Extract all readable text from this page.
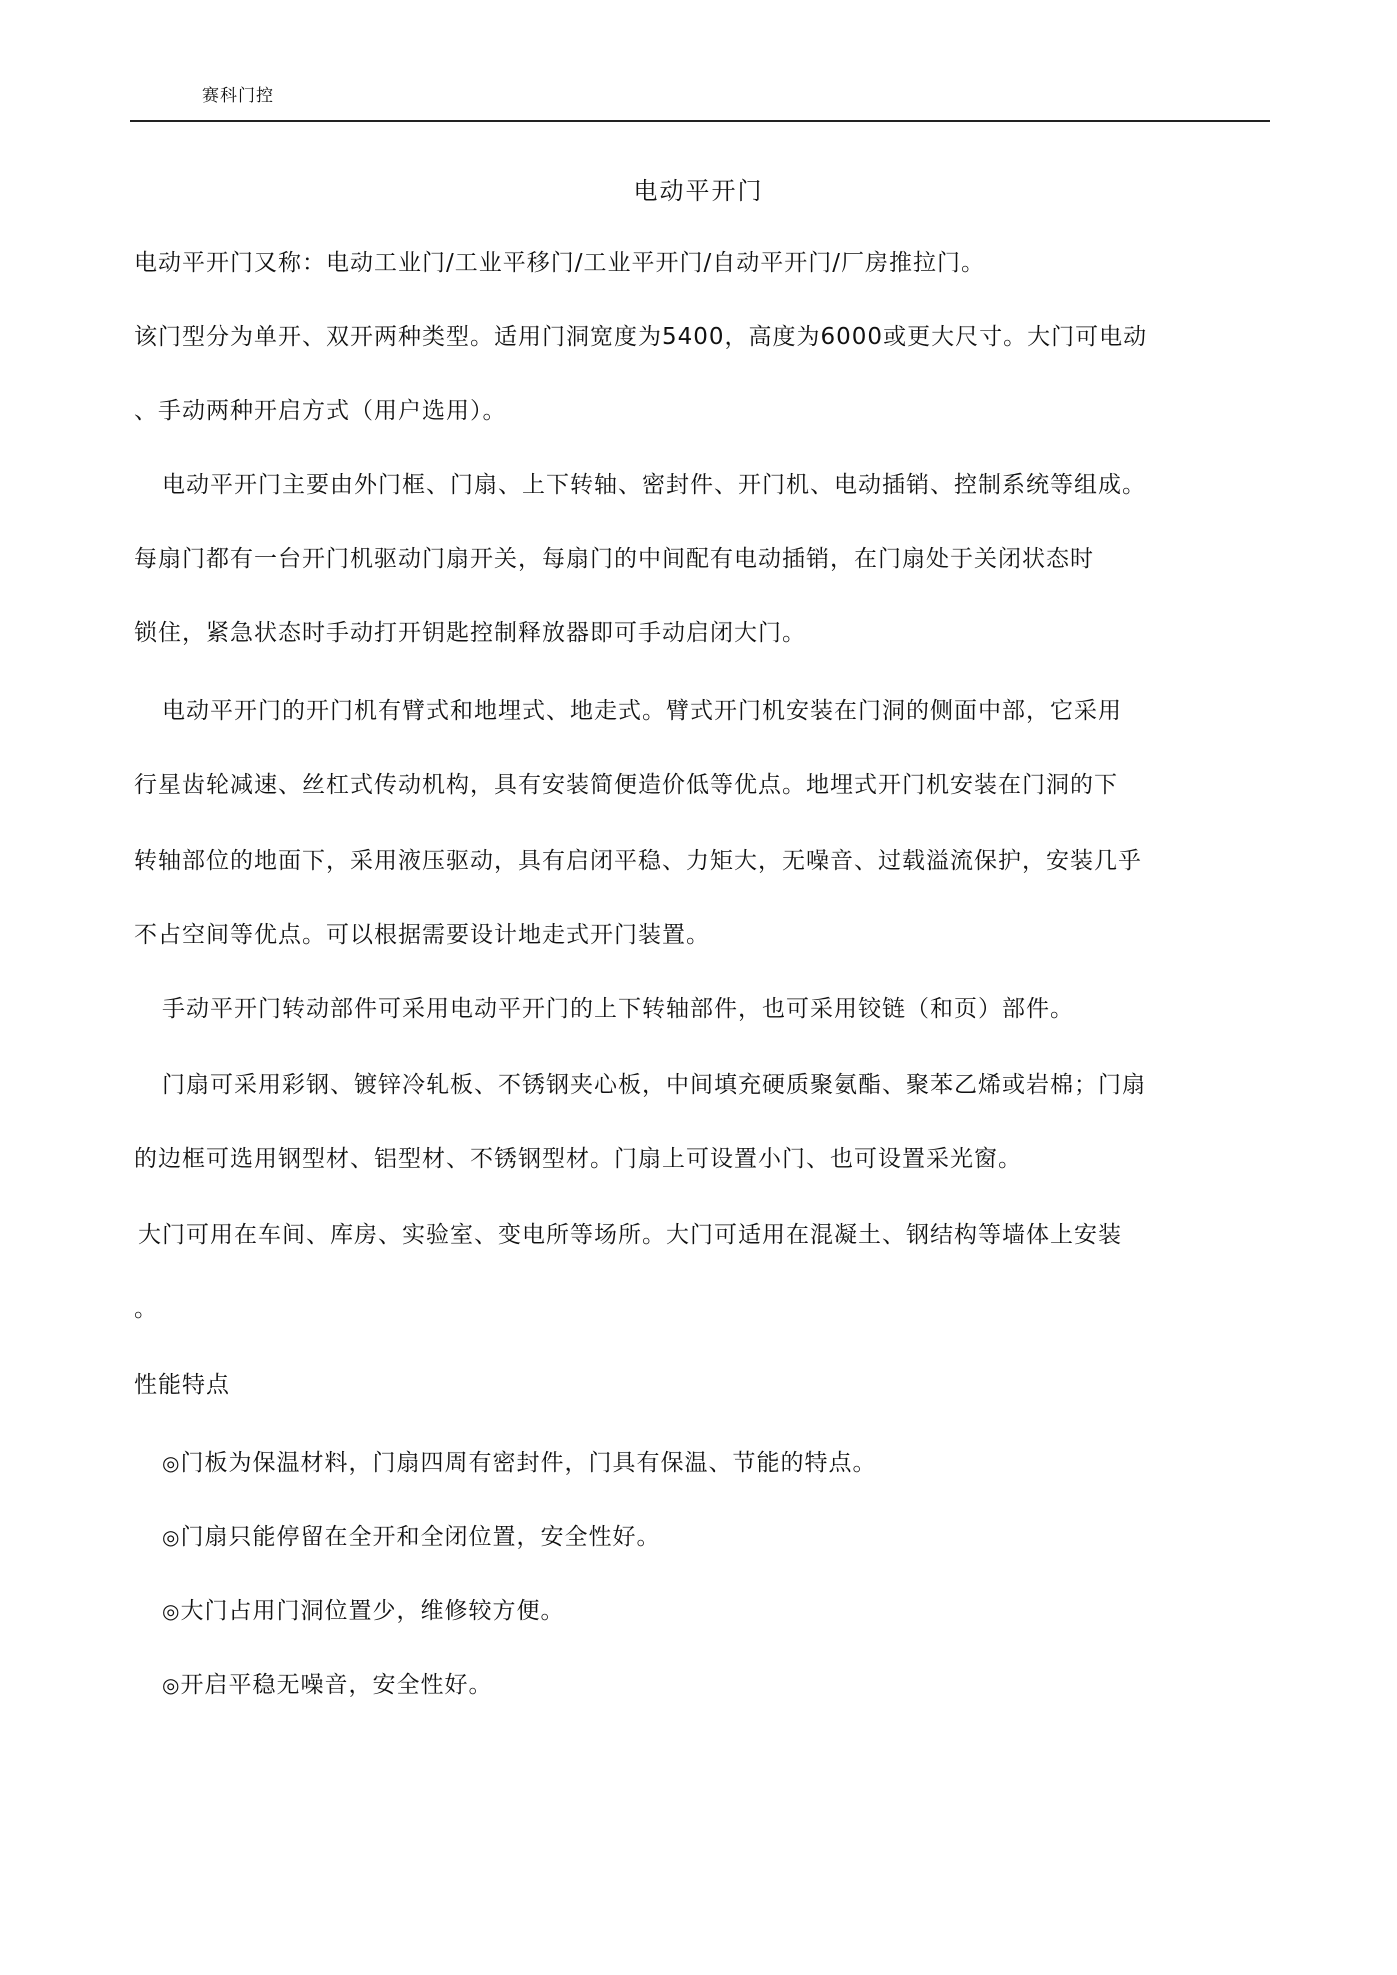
赛科门控
电动平开门
电动平开门又称：电动工业门/工业平移门/工业平开门/自动平开门/厂房推拉门。
该门型分为单开、双开两种类型。适用门洞宽度为5400，高度为6000或更大尺寸。大门可电动
、手动两种开启方式（用户选用）。
电动平开门主要由外门框、门扇、上下转轴、密封件、开门机、电动插销、控制系统等组成。
每扇门都有一台开门机驱动门扇开关，每扇门的中间配有电动插销，在门扇处于关闭状态时
锁住，紧急状态时手动打开钥匙控制释放器即可手动启闭大门。
电动平开门的开门机有臂式和地埋式、地走式。臂式开门机安装在门洞的侧面中部，它采用
行星齿轮减速、丝杠式传动机构，具有安装简便造价低等优点。地埋式开门机安装在门洞的下
转轴部位的地面下，采用液压驱动，具有启闭平稳、力矩大，无噪音、过载溢流保护，安装几乎
不占空间等优点。可以根据需要设计地走式开门装置。
手动平开门转动部件可采用电动平开门的上下转轴部件，也可采用铰链（和页）部件。
门扇可采用彩钢、镀锌冷轧板、不锈钢夹心板，中间填充硬质聚氨酯、聚苯乙烯或岩棉；门扇
的边框可选用钢型材、铝型材、不锈钢型材。门扇上可设置小门、也可设置采光窗。
大门可用在车间、库房、实验室、变电所等场所。大门可适用在混凝土、钢结构等墙体上安装
。
性能特点
◎门板为保温材料，门扇四周有密封件，门具有保温、节能的特点。
◎门扇只能停留在全开和全闭位置，安全性好。
◎大门占用门洞位置少，维修较方便。
◎开启平稳无噪音，安全性好。
